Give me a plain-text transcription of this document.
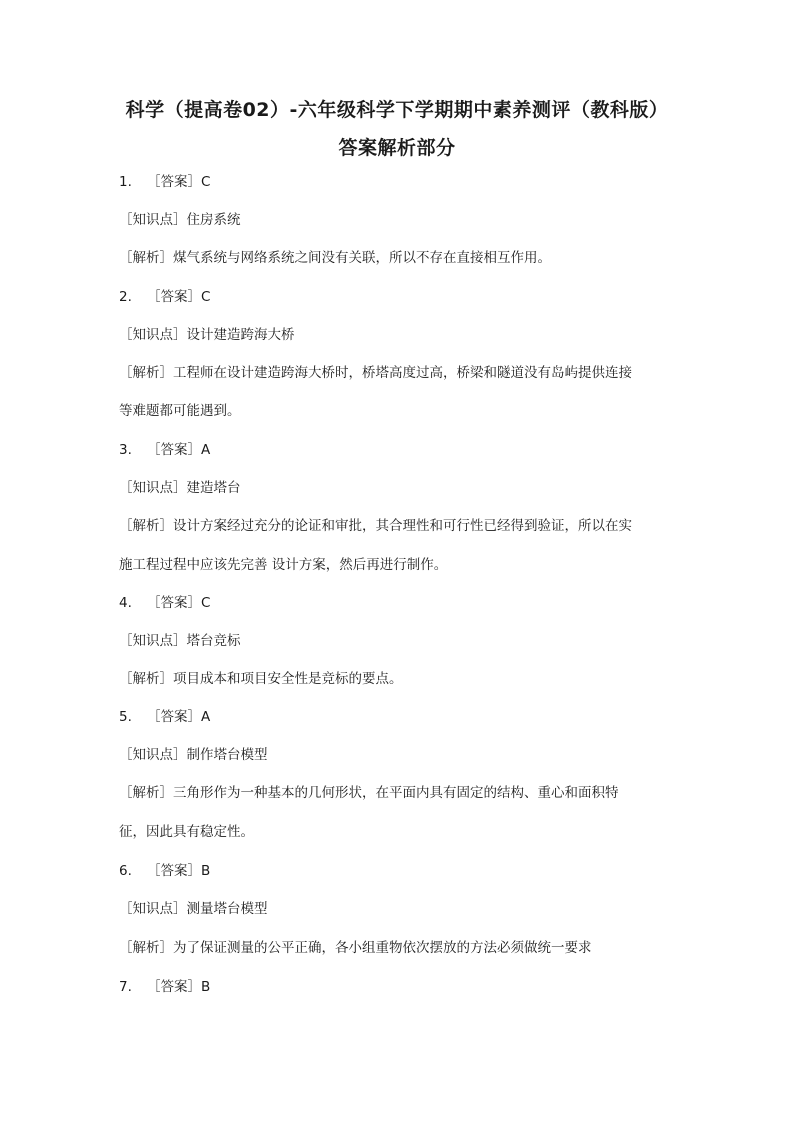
科学（提高卷02）-六年级科学下学期期中素养测评（教科版）
答案解析部分
1. ［答案］C
［知识点］住房系统
［解析］煤气系统与网络系统之间没有关联，所以不存在直接相互作用。
2. ［答案］C
［知识点］设计建造跨海大桥
［解析］工程师在设计建造跨海大桥时，桥塔高度过高，桥梁和隧道没有岛屿提供连接
等难题都可能遇到。
3. ［答案］A
［知识点］建造塔台
［解析］设计方案经过充分的论证和审批，其合理性和可行性已经得到验证，所以在实
施工程过程中应该先完善 设计方案，然后再进行制作。
4. ［答案］C
［知识点］塔台竞标
［解析］项目成本和项目安全性是竞标的要点。
5. ［答案］A
［知识点］制作塔台模型
［解析］三角形作为一种基本的几何形状，在平面内具有固定的结构、重心和面积特
征，因此具有稳定性。
6. ［答案］B
［知识点］测量塔台模型
［解析］为了保证测量的公平正确，各小组重物依次摆放的方法必须做统一要求
7. ［答案］B
